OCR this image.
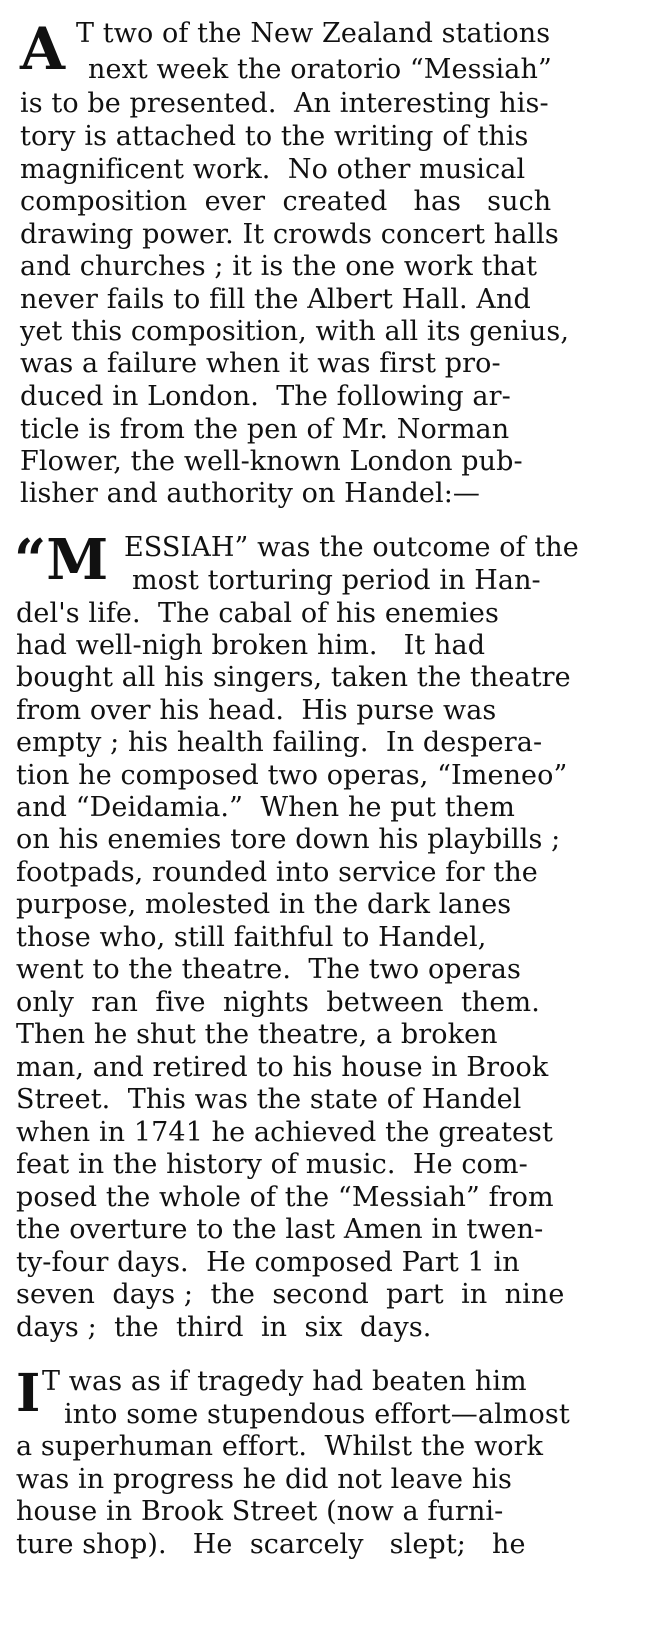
A T two of the New Zealand stations
next week the oratorio “Messiah”
is to be presented.  An interesting his-
tory is attached to the writing of this
magnificent work.  No other musical
composition  ever  created   has   such
drawing power. It crowds concert halls
and churches ; it is the one work that
never fails to fill the Albert Hall. And
yet this composition, with all its genius,
was a failure when it was first pro-
duced in London.  The following ar-
ticle is from the pen of Mr. Norman
Flower, the well-known London pub-
lisher and authority on Handel:—
“M ESSIAH” was the outcome of the
most torturing period in Han-
del's life.  The cabal of his enemies
had well-nigh broken him.   It had
bought all his singers, taken the theatre
from over his head.  His purse was
empty ; his health failing.  In despera-
tion he composed two operas, “Imeneo”
and “Deidamia.”  When he put them
on his enemies tore down his playbills ;
footpads, rounded into service for the
purpose, molested in the dark lanes
those who, still faithful to Handel,
went to the theatre.  The two operas
only  ran  five  nights  between  them.
Then he shut the theatre, a broken
man, and retired to his house in Brook
Street.  This was the state of Handel
when in 1741 he achieved the greatest
feat in the history of music.  He com-
posed the whole of the “Messiah” from
the overture to the last Amen in twen-
ty-four days.  He composed Part 1 in
seven  days ;  the  second  part  in  nine
days ;  the  third  in  six  days.
I T was as if tragedy had beaten him
into some stupendous effort—almost
a superhuman effort.  Whilst the work
was in progress he did not leave his
house in Brook Street (now a furni-
ture shop).   He  scarcely   slept;   he
